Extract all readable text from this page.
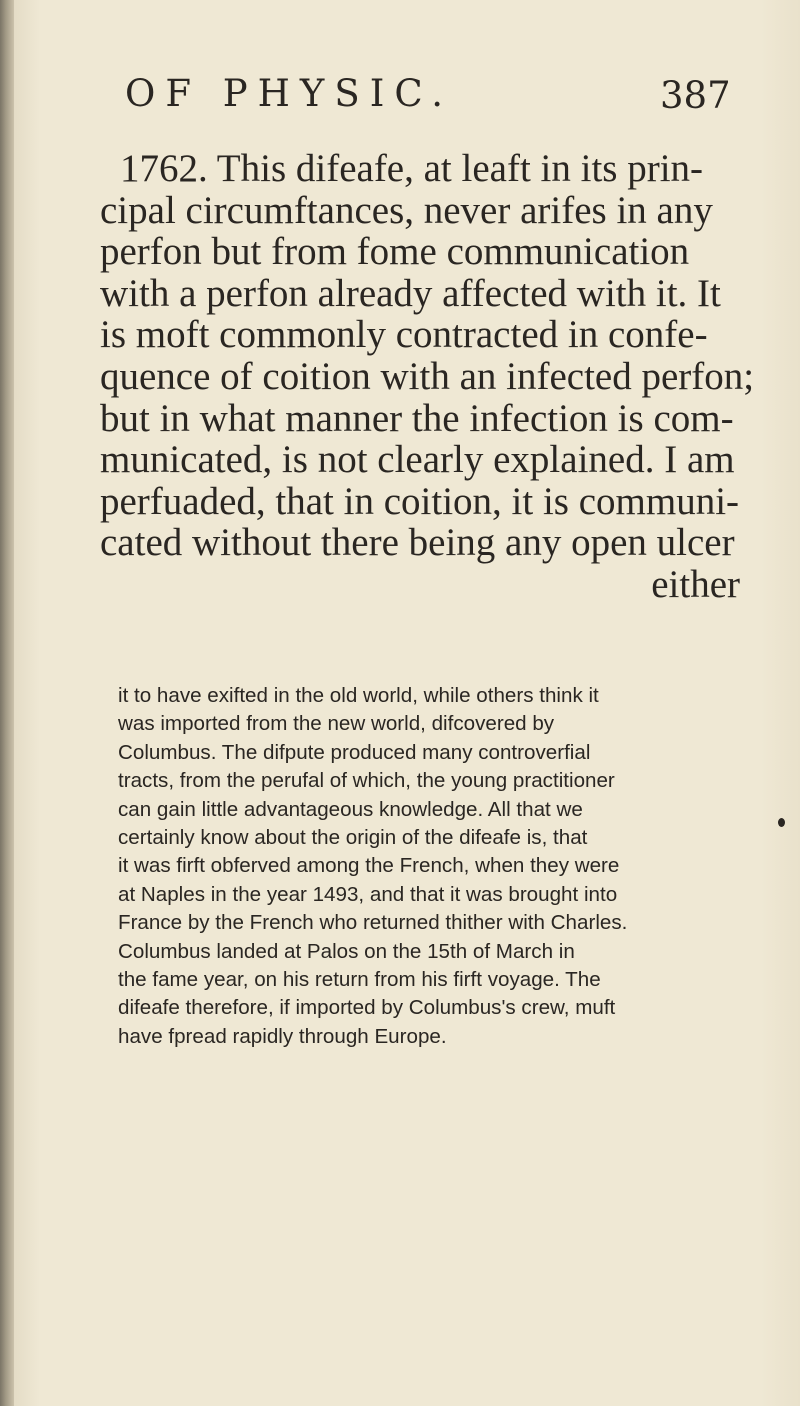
OF PHYSIC.	387
1762. This difeafe, at leaft in its prin-
cipal circumftances, never arifes in any
perfon but from fome communication
with a perfon already affected with it. It
is moft commonly contracted in confe-
quence of coition with an infected perfon;
but in what manner the infection is com-
municated, is not clearly explained. I am
perfuaded, that in coition, it is communi-
cated without there being any open ulcer
either
it to have exifted in the old world, while others think it
was imported from the new world, difcovered by
Columbus. The difpute produced many controverfial
tracts, from the perufal of which, the young practitioner
can gain little advantageous knowledge. All that we
certainly know about the origin of the difeafe is, that
it was firft obferved among the French, when they were
at Naples in the year 1493, and that it was brought into
France by the French who returned thither with Charles.
Columbus landed at Palos on the 15th of March in
the fame year, on his return from his firft voyage. The
difeafe therefore, if imported by Columbus's crew, muft
have fpread rapidly through Europe.
